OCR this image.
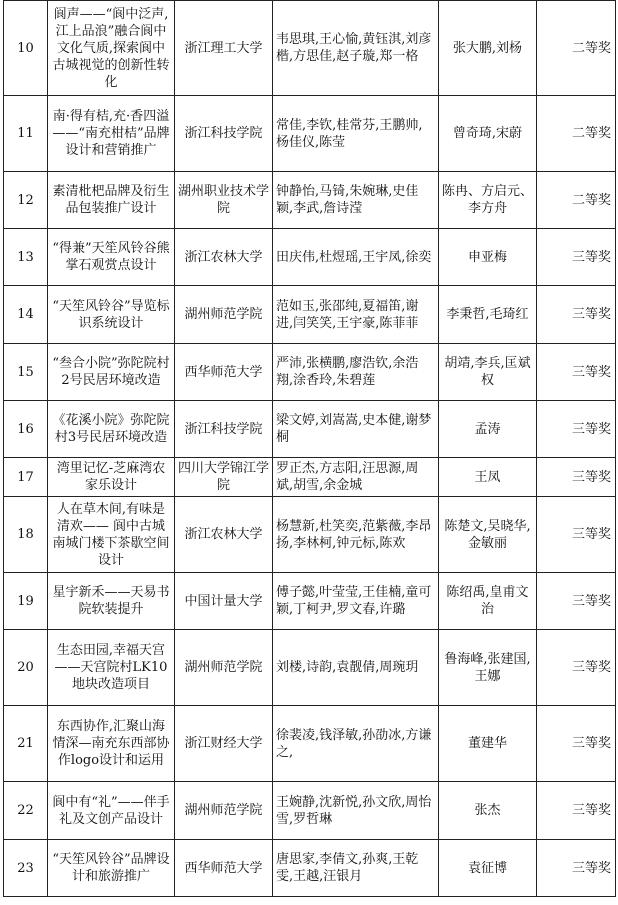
10	阆声——“阆中泛声,江上品浪”融合阆中文化气质,探索阆中古城视觉的创新性转化	浙江理工大学	韦思琪,王心愉,黄钰淇,刘彦楷,方思佳,赵子璇,郑一格	张大鹏,刘杨	二等奖
11	南·得有桔,充·香四溢——“南充柑桔”品牌设计和营销推广	浙江科技学院	常佳,李钦,桂常芬,王鹏帅,杨佳仪,陈莹	曾奇琦,宋蔚	二等奖
12	素清枇杷品牌及衍生品包装推广设计	湖州职业技术学院	钟静怡,马锜,朱婉琳,史佳颖,李武,詹诗滢	陈冉、方启元、李方舟	二等奖
13	“得兼”天笙风铃谷熊掌石观赏点设计	浙江农林大学	田庆伟,杜煜瑶,王宇凤,徐奕	申亚梅	三等奖
14	“天笙风铃谷”导览标识系统设计	湖州师范学院	范如玉,张邵纯,夏福笛,谢进,闫笑笑,王宇豪,陈菲菲	李秉哲,毛琦红	三等奖
15	“叁合小院”弥陀院村2号民居环境改造	西华师范大学	严沛,张横鹏,廖浩钦,余浩翔,涂香玲,朱碧莲	胡靖,李兵,匡斌权	三等奖
16	《花溪小院》弥陀院村3号民居环境改造	浙江科技学院	梁文婷,刘嵩嵩,史本健,谢梦桐	孟涛	三等奖
17	湾里记忆-芝麻湾农家乐设计	四川大学锦江学院	罗正杰,方志阳,汪思源,周斌,胡雪,余金城	王凤	三等奖
18	人在草木间,有味是清欢—— 阆中古城南城门楼下茶歇空间设计	浙江农林大学	杨慧新,杜笑奕,范紫薇,李昂扬,李林柯,钟元标,陈欢	陈楚文,吴晓华,金敏丽	三等奖
19	星宇新禾——天易书院软装提升	中国计量大学	傅子懿,叶莹莹,王佳楠,童可颖,丁柯尹,罗文春,许璐	陈绍禹,皇甫文治	三等奖
20	生态田园,幸福天宫——天宫院村LK10地块改造项目	湖州师范学院	刘楼,诗韵,袁靓倩,周琬玥	鲁海峰,张建国,王娜	三等奖
21	东西协作,汇聚山海情深—南充东西部协作logo设计和运用	浙江财经大学	徐裴凌,钱泽敏,孙劭冰,方谦之,	董建华	三等奖
22	阆中有“礼”——伴手礼及文创产品设计	湖州师范学院	王婉静,沈新悦,孙文欣,周怡雪,罗哲琳	张杰	三等奖
23	“天笙风铃谷”品牌设计和旅游推广	西华师范大学	唐思家,李倩文,孙爽,王乾雯,王越,汪银月	袁征博	三等奖
